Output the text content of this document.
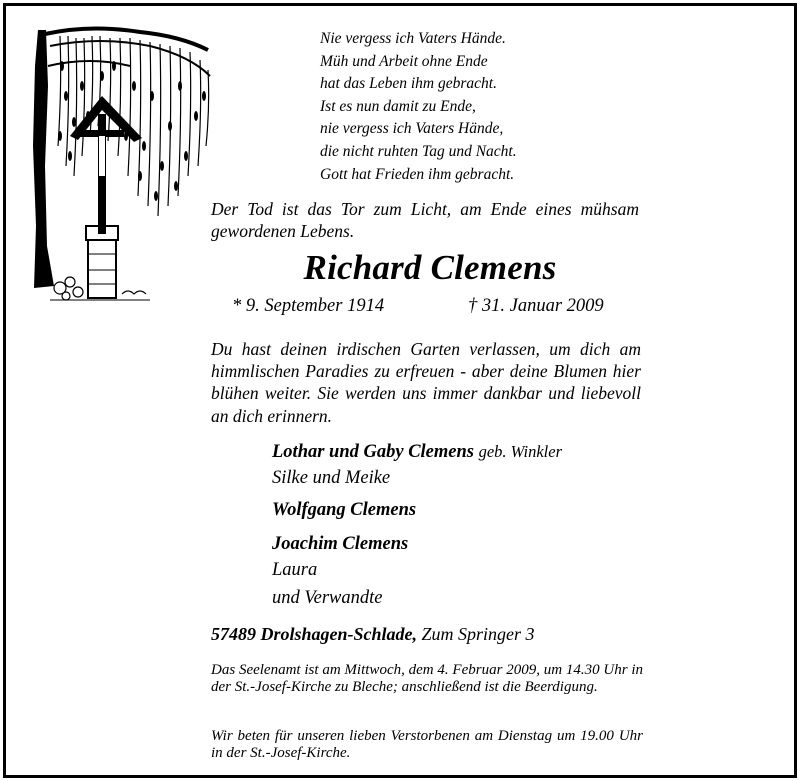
Nie vergess ich Vaters Hände.
Müh und Arbeit ohne Ende
hat das Leben ihm gebracht.
Ist es nun damit zu Ende,
nie vergess ich Vaters Hände,
die nicht ruhten Tag und Nacht.
Gott hat Frieden ihm gebracht.
Der Tod ist das Tor zum Licht, am Ende eines mühsam gewordenen Lebens.
Richard Clemens
* 9. September 1914	† 31. Januar 2009
Du hast deinen irdischen Garten verlassen, um dich am himmlischen Paradies zu erfreuen - aber deine Blumen hier blühen weiter. Sie werden uns immer dankbar und liebevoll an dich erinnern.
Lothar und Gaby Clemens geb. Winkler
Silke und Meike
Wolfgang Clemens
Joachim Clemens
Laura
und Verwandte
57489 Drolshagen-Schlade, Zum Springer 3
Das Seelenamt ist am Mittwoch, dem 4. Februar 2009, um 14.30 Uhr in der St.-Josef-Kirche zu Bleche; anschließend ist die Beerdigung.
Wir beten für unseren lieben Verstorbenen am Dienstag um 19.00 Uhr in der St.-Josef-Kirche.
